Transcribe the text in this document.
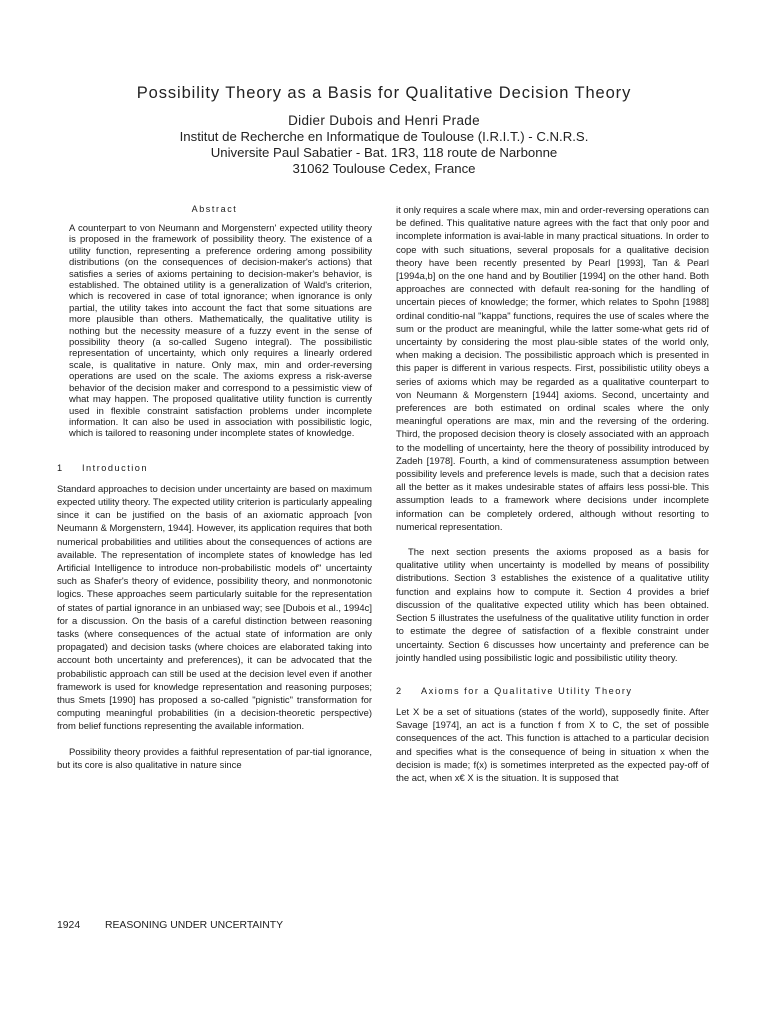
Possibility Theory as a Basis for Qualitative Decision Theory
Didier Dubois and Henri Prade
Institut de Recherche en Informatique de Toulouse (I.R.I.T.) - C.N.R.S.
Universite Paul Sabatier - Bat. 1R3, 118 route de Narbonne
31062 Toulouse Cedex, France
Abstract

A counterpart to von Neumann and Morgenstern' expected utility theory is proposed in the framework of possibility theory. The existence of a utility function, representing a preference ordering among possibility distributions (on the consequences of decision-maker's actions) that satisfies a series of axioms pertaining to decision-maker's behavior, is established. The obtained utility is a generalization of Wald's criterion, which is recovered in case of total ignorance; when ignorance is only partial, the utility takes into account the fact that some situations are more plausible than others. Mathematically, the qualitative utility is nothing but the necessity measure of a fuzzy event in the sense of possibility theory (a so-called Sugeno integral). The possibilistic representation of uncertainty, which only requires a linearly ordered scale, is qualitative in nature. Only max, min and order-reversing operations are used on the scale. The axioms express a risk-averse behavior of the decision maker and correspond to a pessimistic view of what may happen. The proposed qualitative utility function is currently used in flexible constraint satisfaction problems under incomplete information. It can also be used in association with possibilistic logic, which is tailored to reasoning under incomplete states of knowledge.

1 Introduction

Standard approaches to decision under uncertainty are based on maximum expected utility theory. The expected utility criterion is particularly appealing since it can be justified on the basis of an axiomatic approach [von Neumann & Morgenstern, 1944]. However, its application requires that both numerical probabilities and utilities about the consequences of actions are available. The representation of incomplete states of knowledge has led Artificial Intelligence to introduce non-probabilistic models of" uncertainty such as Shafer's theory of evidence, possibility theory, and nonmonotonic logics. These approaches seem particularly suitable for the representation of states of partial ignorance in an unbiased way; see [Dubois et al., 1994c] for a discussion. On the basis of a careful distinction between reasoning tasks (where consequences of the actual state of information are only propagated) and decision tasks (where choices are elaborated taking into account both uncertainty and preferences), it can be advocated that the probabilistic approach can still be used at the decision level even if another framework is used for knowledge representation and reasoning purposes; thus Smets [1990] has proposed a so-called "pignistic" transformation for computing meaningful probabilities (in a decision-theoretic perspective) from belief functions representing the available information.

Possibility theory provides a faithful representation of par-tial ignorance, but its core is also qualitative in nature since

it only requires a scale where max, min and order-reversing operations can be defined. This qualitative nature agrees with the fact that only poor and incomplete information is avai-lable in many practical situations. In order to cope with such situations, several proposals for a qualitative decision theory have been recently presented by Pearl [1993], Tan & Pearl [1994a,b] on the one hand and by Boutilier [1994] on the other hand. Both approaches are connected with default rea-soning for the handling of uncertain pieces of knowledge; the former, which relates to Spohn [1988] ordinal conditio-nal "kappa" functions, requires the use of scales where the sum or the product are meaningful, while the latter some-what gets rid of uncertainty by considering the most plau-sible states of the world only, when making a decision. The possibilistic approach which is presented in this paper is different in various respects. First, possibilistic utility obeys a series of axioms which may be regarded as a qualitative counterpart to von Neumann & Morgenstern [1944] axioms. Second, uncertainty and preferences are both estimated on ordinal scales where the only meaningful operations are max, min and the reversing of the ordering. Third, the proposed decision theory is closely associated with an approach to the modelling of uncertainty, here the theory of possibility introduced by Zadeh [1978]. Fourth, a kind of commensurateness assumption between possibility levels and preference levels is made, such that a decision rates all the better as it makes undesirable states of affairs less possi-ble. This assumption leads to a framework where decisions under incomplete information can be completely ordered, although without resorting to numerical representation.

The next section presents the axioms proposed as a basis for qualitative utility when uncertainty is modelled by means of possibility distributions. Section 3 establishes the existence of a qualitative utility function and explains how to compute it. Section 4 provides a brief discussion of the qualitative expected utility which has been obtained. Section 5 illustrates the usefulness of the qualitative utility function in order to estimate the degree of satisfaction of a flexible constraint under uncertainty. Section 6 discusses how uncertainty and preference can be jointly handled using possibilistic logic and possibilistic utility theory.

2 Axioms for a Qualitative Utility Theory

Let X be a set of situations (states of the world), supposedly finite. After Savage [1974], an act is a function f from X to C, the set of possible consequences of the act. This function is attached to a particular decision and specifies what is the consequence of being in situation x when the decision is made; f(x) is sometimes interpreted as the expected pay-off of the act, when x€ X is the situation. It is supposed that

1924 REASONING UNDER UNCERTAINTY
